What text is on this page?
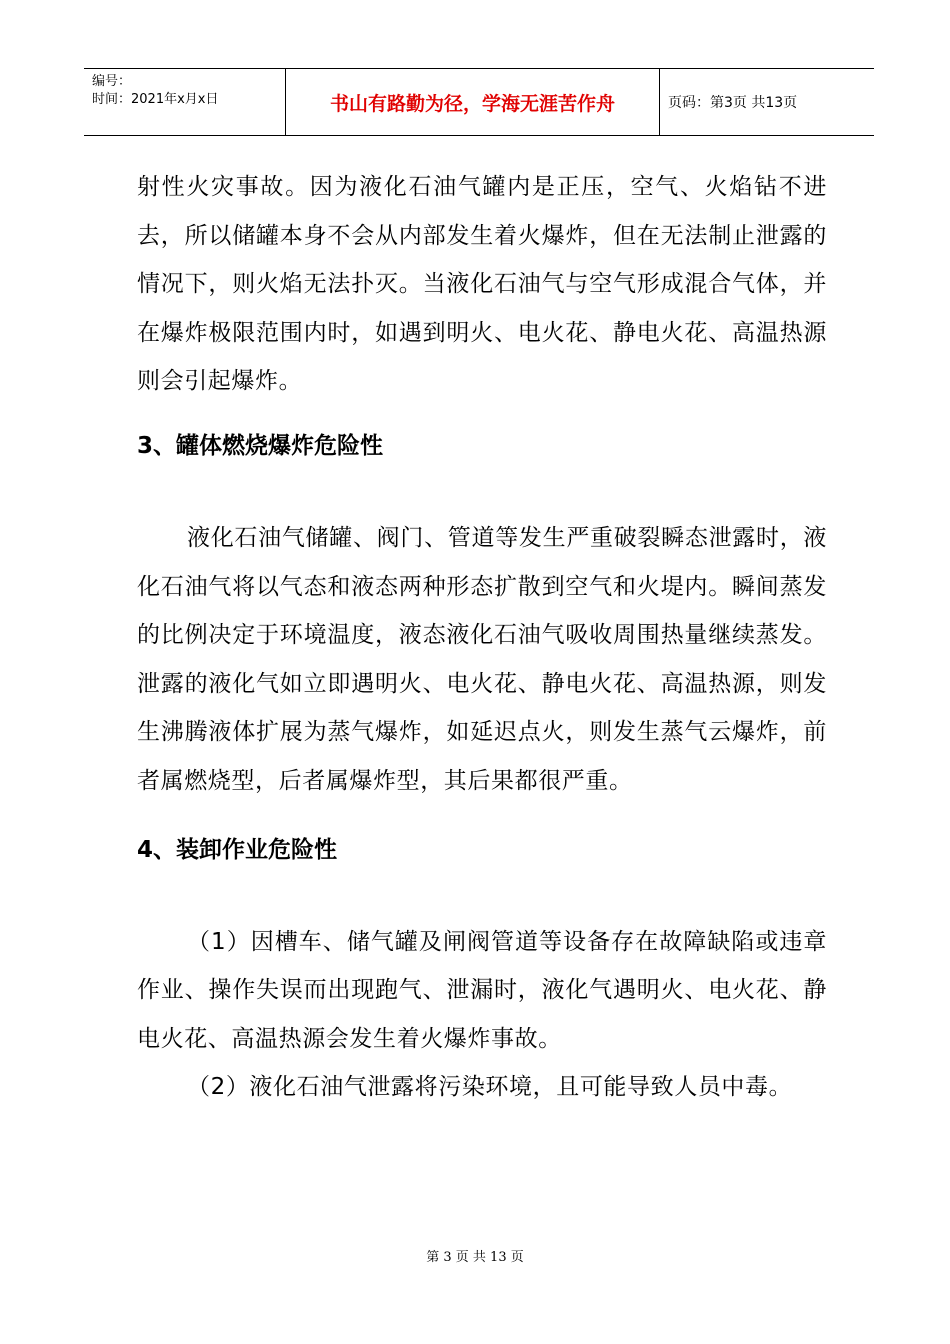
编号：
时间：2021年x月x日	书山有路勤为径，学海无涯苦作舟	页码：第3页 共13页

射性火灾事故。因为液化石油气罐内是正压，空气、火焰钻不进去，所以储罐本身不会从内部发生着火爆炸，但在无法制止泄露的情况下，则火焰无法扑灭。当液化石油气与空气形成混合气体，并在爆炸极限范围内时，如遇到明火、电火花、静电火花、高温热源则会引起爆炸。

3、罐体燃烧爆炸危险性

液化石油气储罐、阀门、管道等发生严重破裂瞬态泄露时，液化石油气将以气态和液态两种形态扩散到空气和火堤内。瞬间蒸发的比例决定于环境温度，液态液化石油气吸收周围热量继续蒸发。泄露的液化气如立即遇明火、电火花、静电火花、高温热源，则发生沸腾液体扩展为蒸气爆炸，如延迟点火，则发生蒸气云爆炸，前者属燃烧型，后者属爆炸型，其后果都很严重。

4、装卸作业危险性

（1）因槽车、储气罐及闸阀管道等设备存在故障缺陷或违章作业、操作失误而出现跑气、泄漏时，液化气遇明火、电火花、静电火花、高温热源会发生着火爆炸事故。

（2）液化石油气泄露将污染环境，且可能导致人员中毒。

第 3 页 共 13 页
